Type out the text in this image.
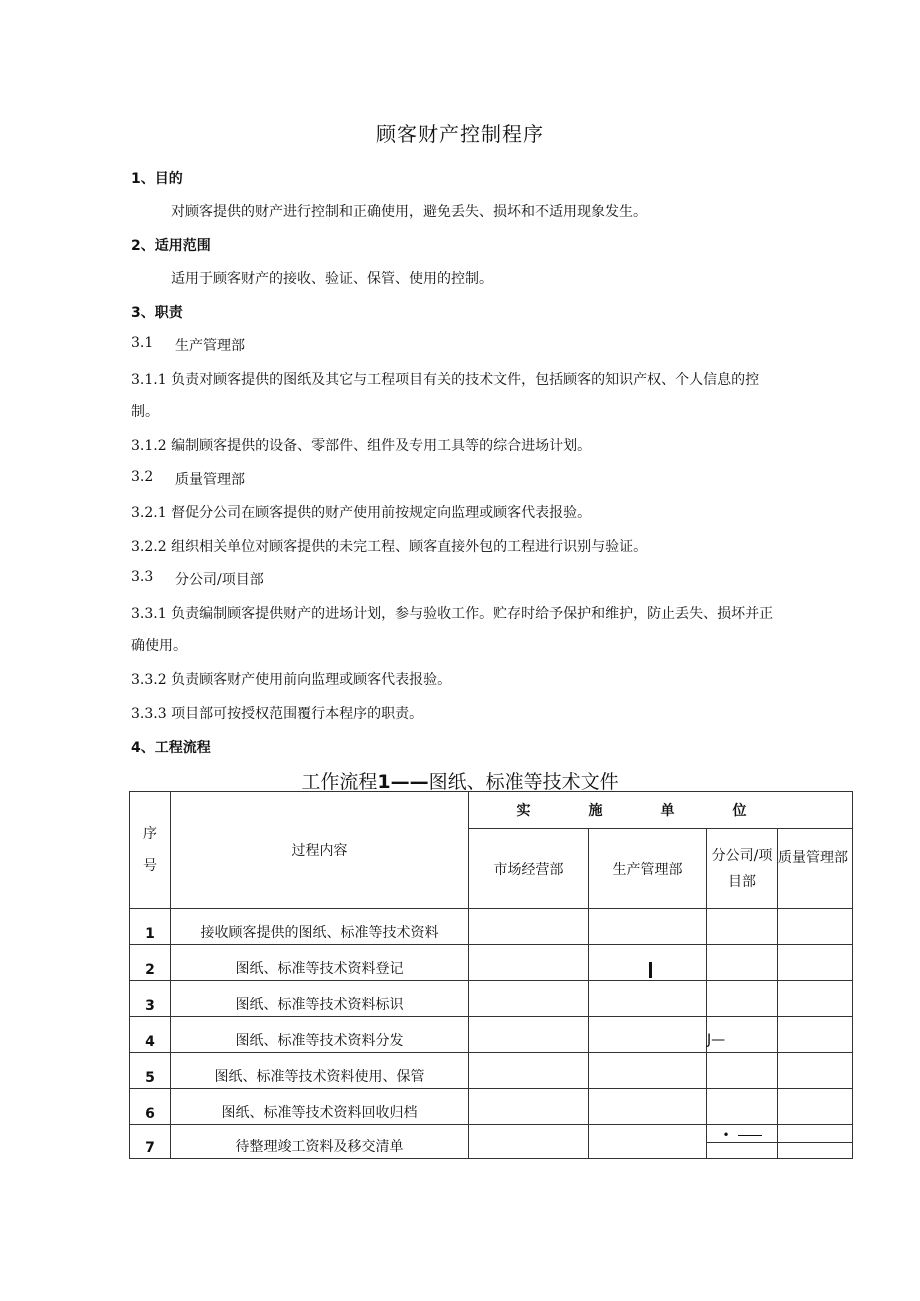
顾客财产控制程序
1、目的
对顾客提供的财产进行控制和正确使用，避免丢失、损坏和不适用现象发生。
2、适用范围
适用于顾客财产的接收、验证、保管、使用的控制。
3、职责
3.1 生产管理部
3.1.1 负责对顾客提供的图纸及其它与工程项目有关的技术文件，包括顾客的知识产权、个人信息的控
制。
3.1.2 编制顾客提供的设备、零部件、组件及专用工具等的综合进场计划。
3.2 质量管理部
3.2.1 督促分公司在顾客提供的财产使用前按规定向监理或顾客代表报验。
3.2.2 组织相关单位对顾客提供的未完工程、顾客直接外包的工程进行识别与验证。
3.3 分公司/项目部
3.3.1 负责编制顾客提供财产的进场计划，参与验收工作。贮存时给予保护和维护，防止丢失、损坏并正
确使用。
3.3.2 负责顾客财产使用前向监理或顾客代表报验。
3.3.3 项目部可按授权范围覆行本程序的职责。
4、工程流程
工作流程1——图纸、标准等技术文件
序
号	过程内容	实施单位			
		市场经营部	生产管理部	分公司/项目部	质量管理部
1	接收顾客提供的图纸、标准等技术资料				
2	图纸、标准等技术资料登记		

3	图纸、标准等技术资料标识				
4	图纸、标准等技术资料分发			J—	
5	图纸、标准等技术资料使用、保管				
6	图纸、标准等技术资料回收归档				
7	待整理竣工资料及移交清单			•	
